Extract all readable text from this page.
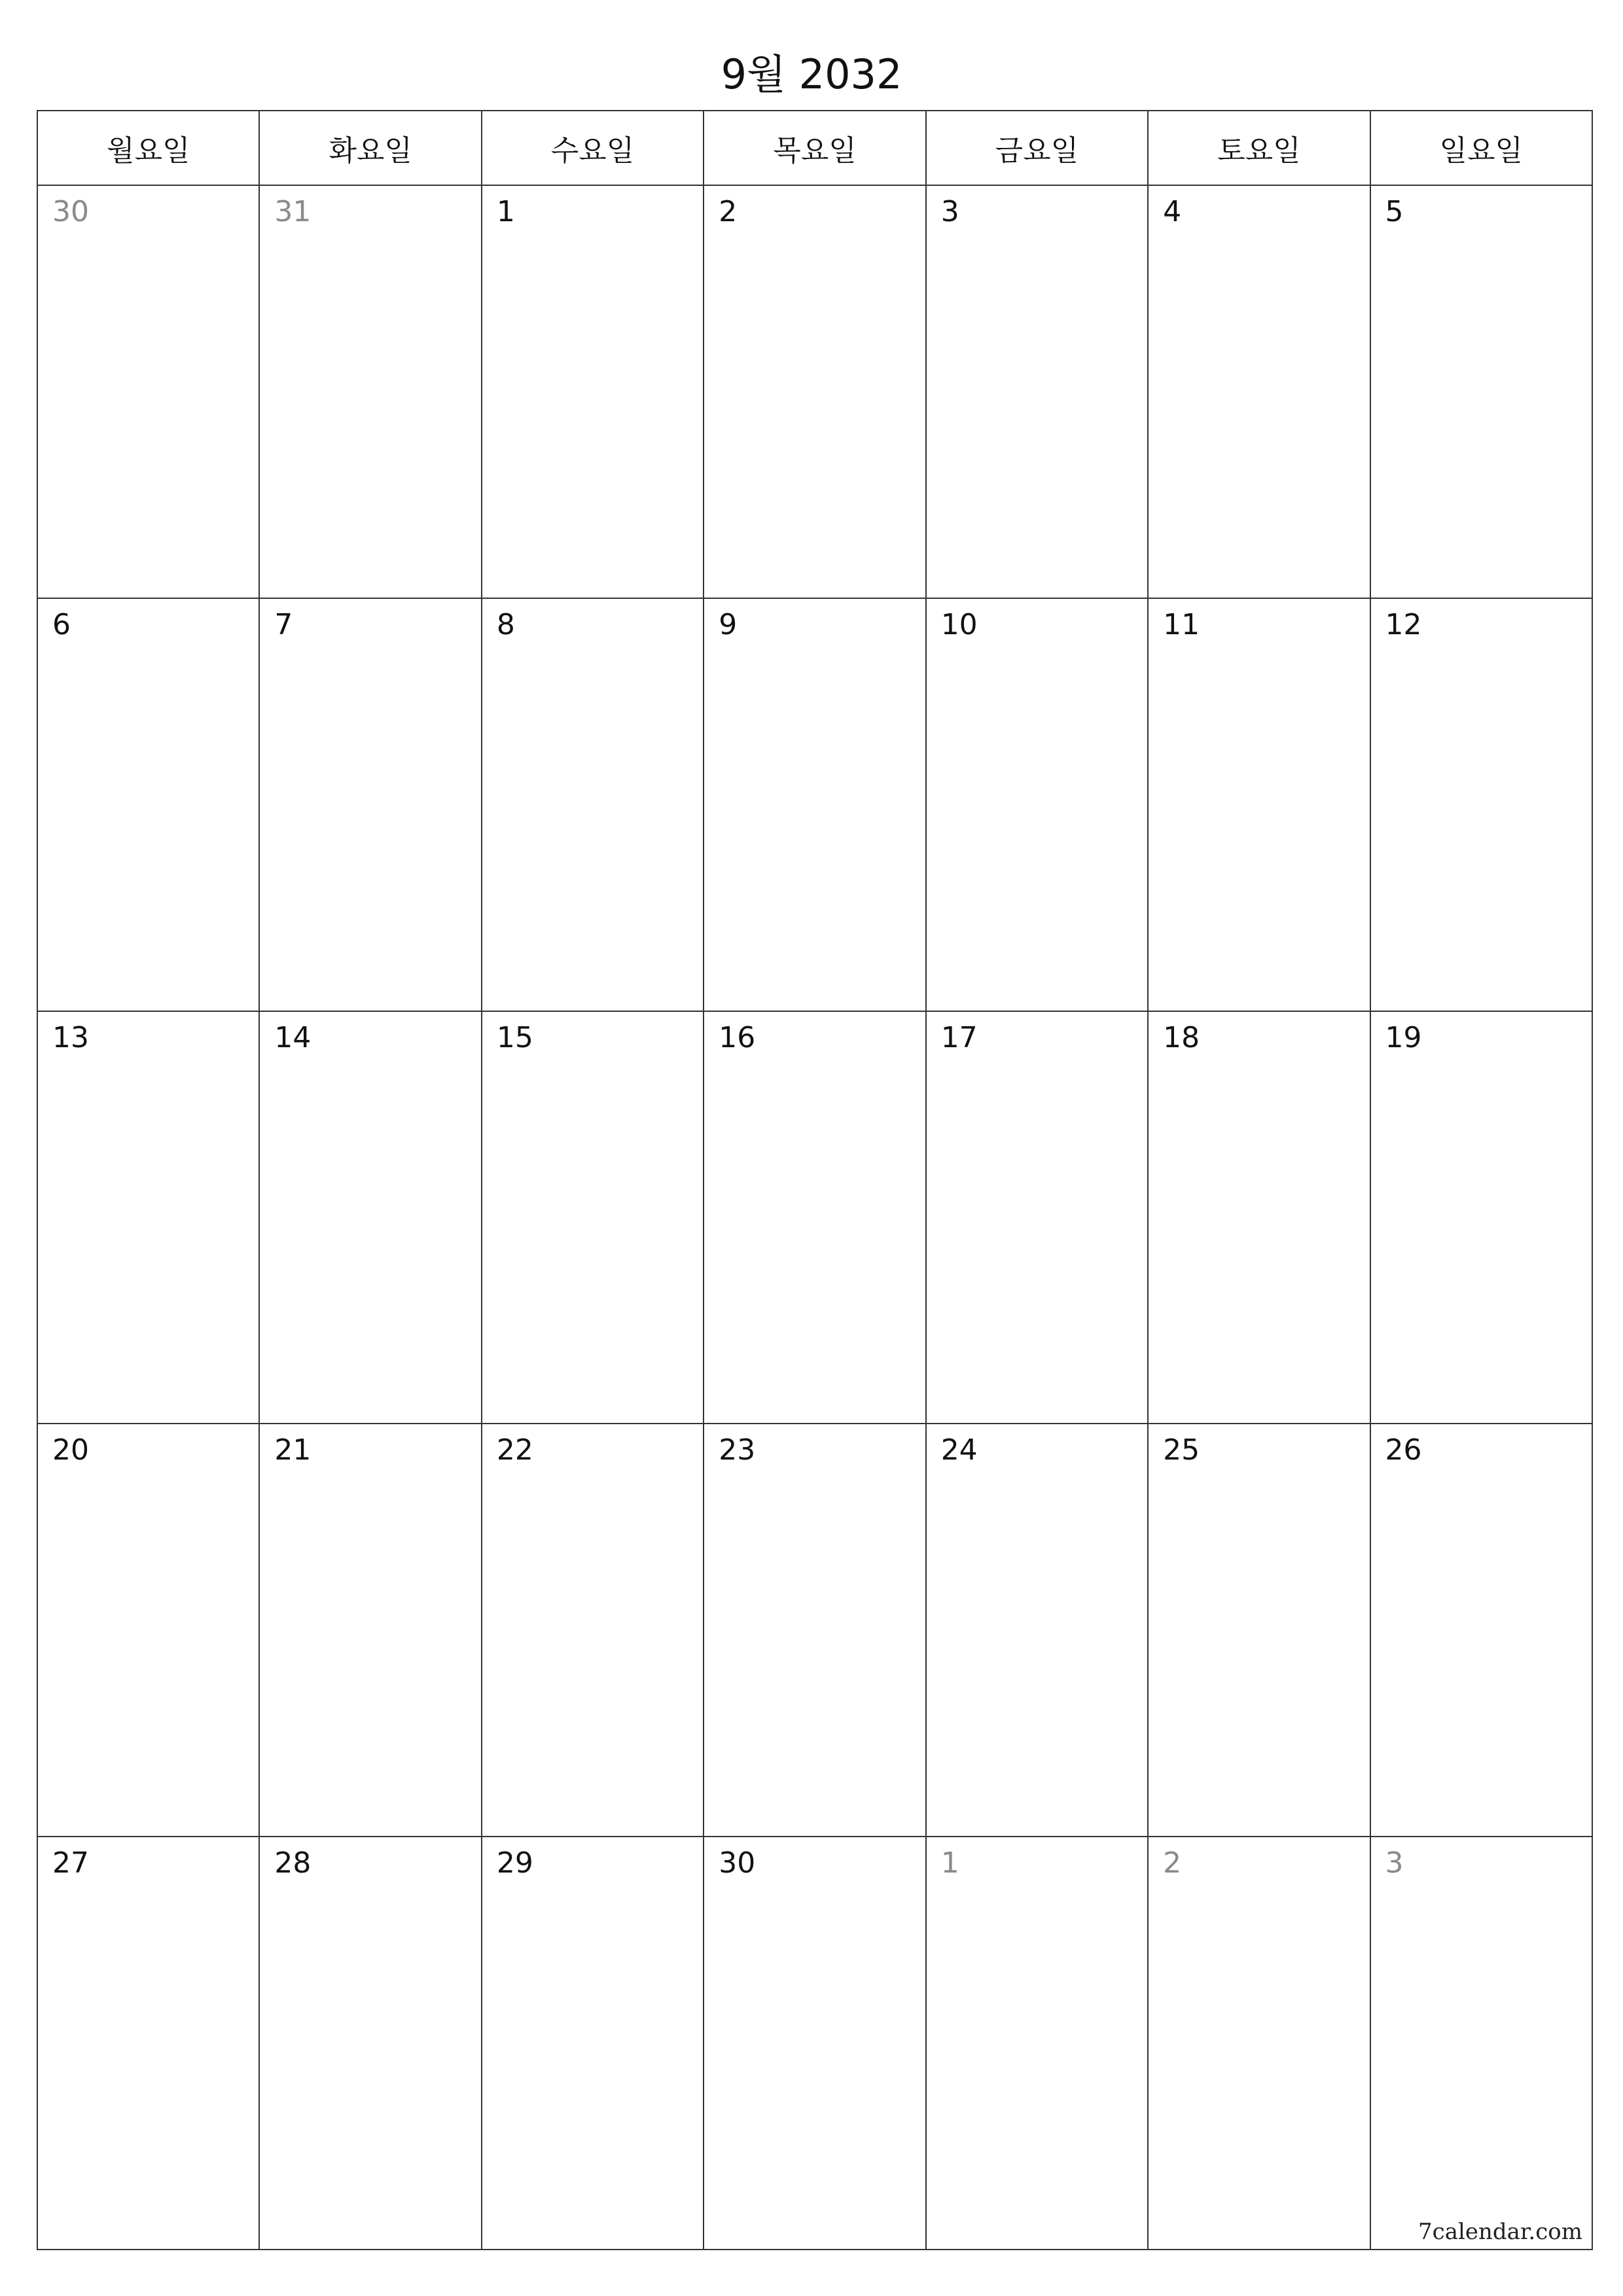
9월 2032
월요일	화요일	수요일	목요일	금요일	토요일	일요일
30	31	1	2	3	4	5
6	7	8	9	10	11	12
13	14	15	16	17	18	19
20	21	22	23	24	25	26
27	28	29	30	1	2	3
7calendar.com
